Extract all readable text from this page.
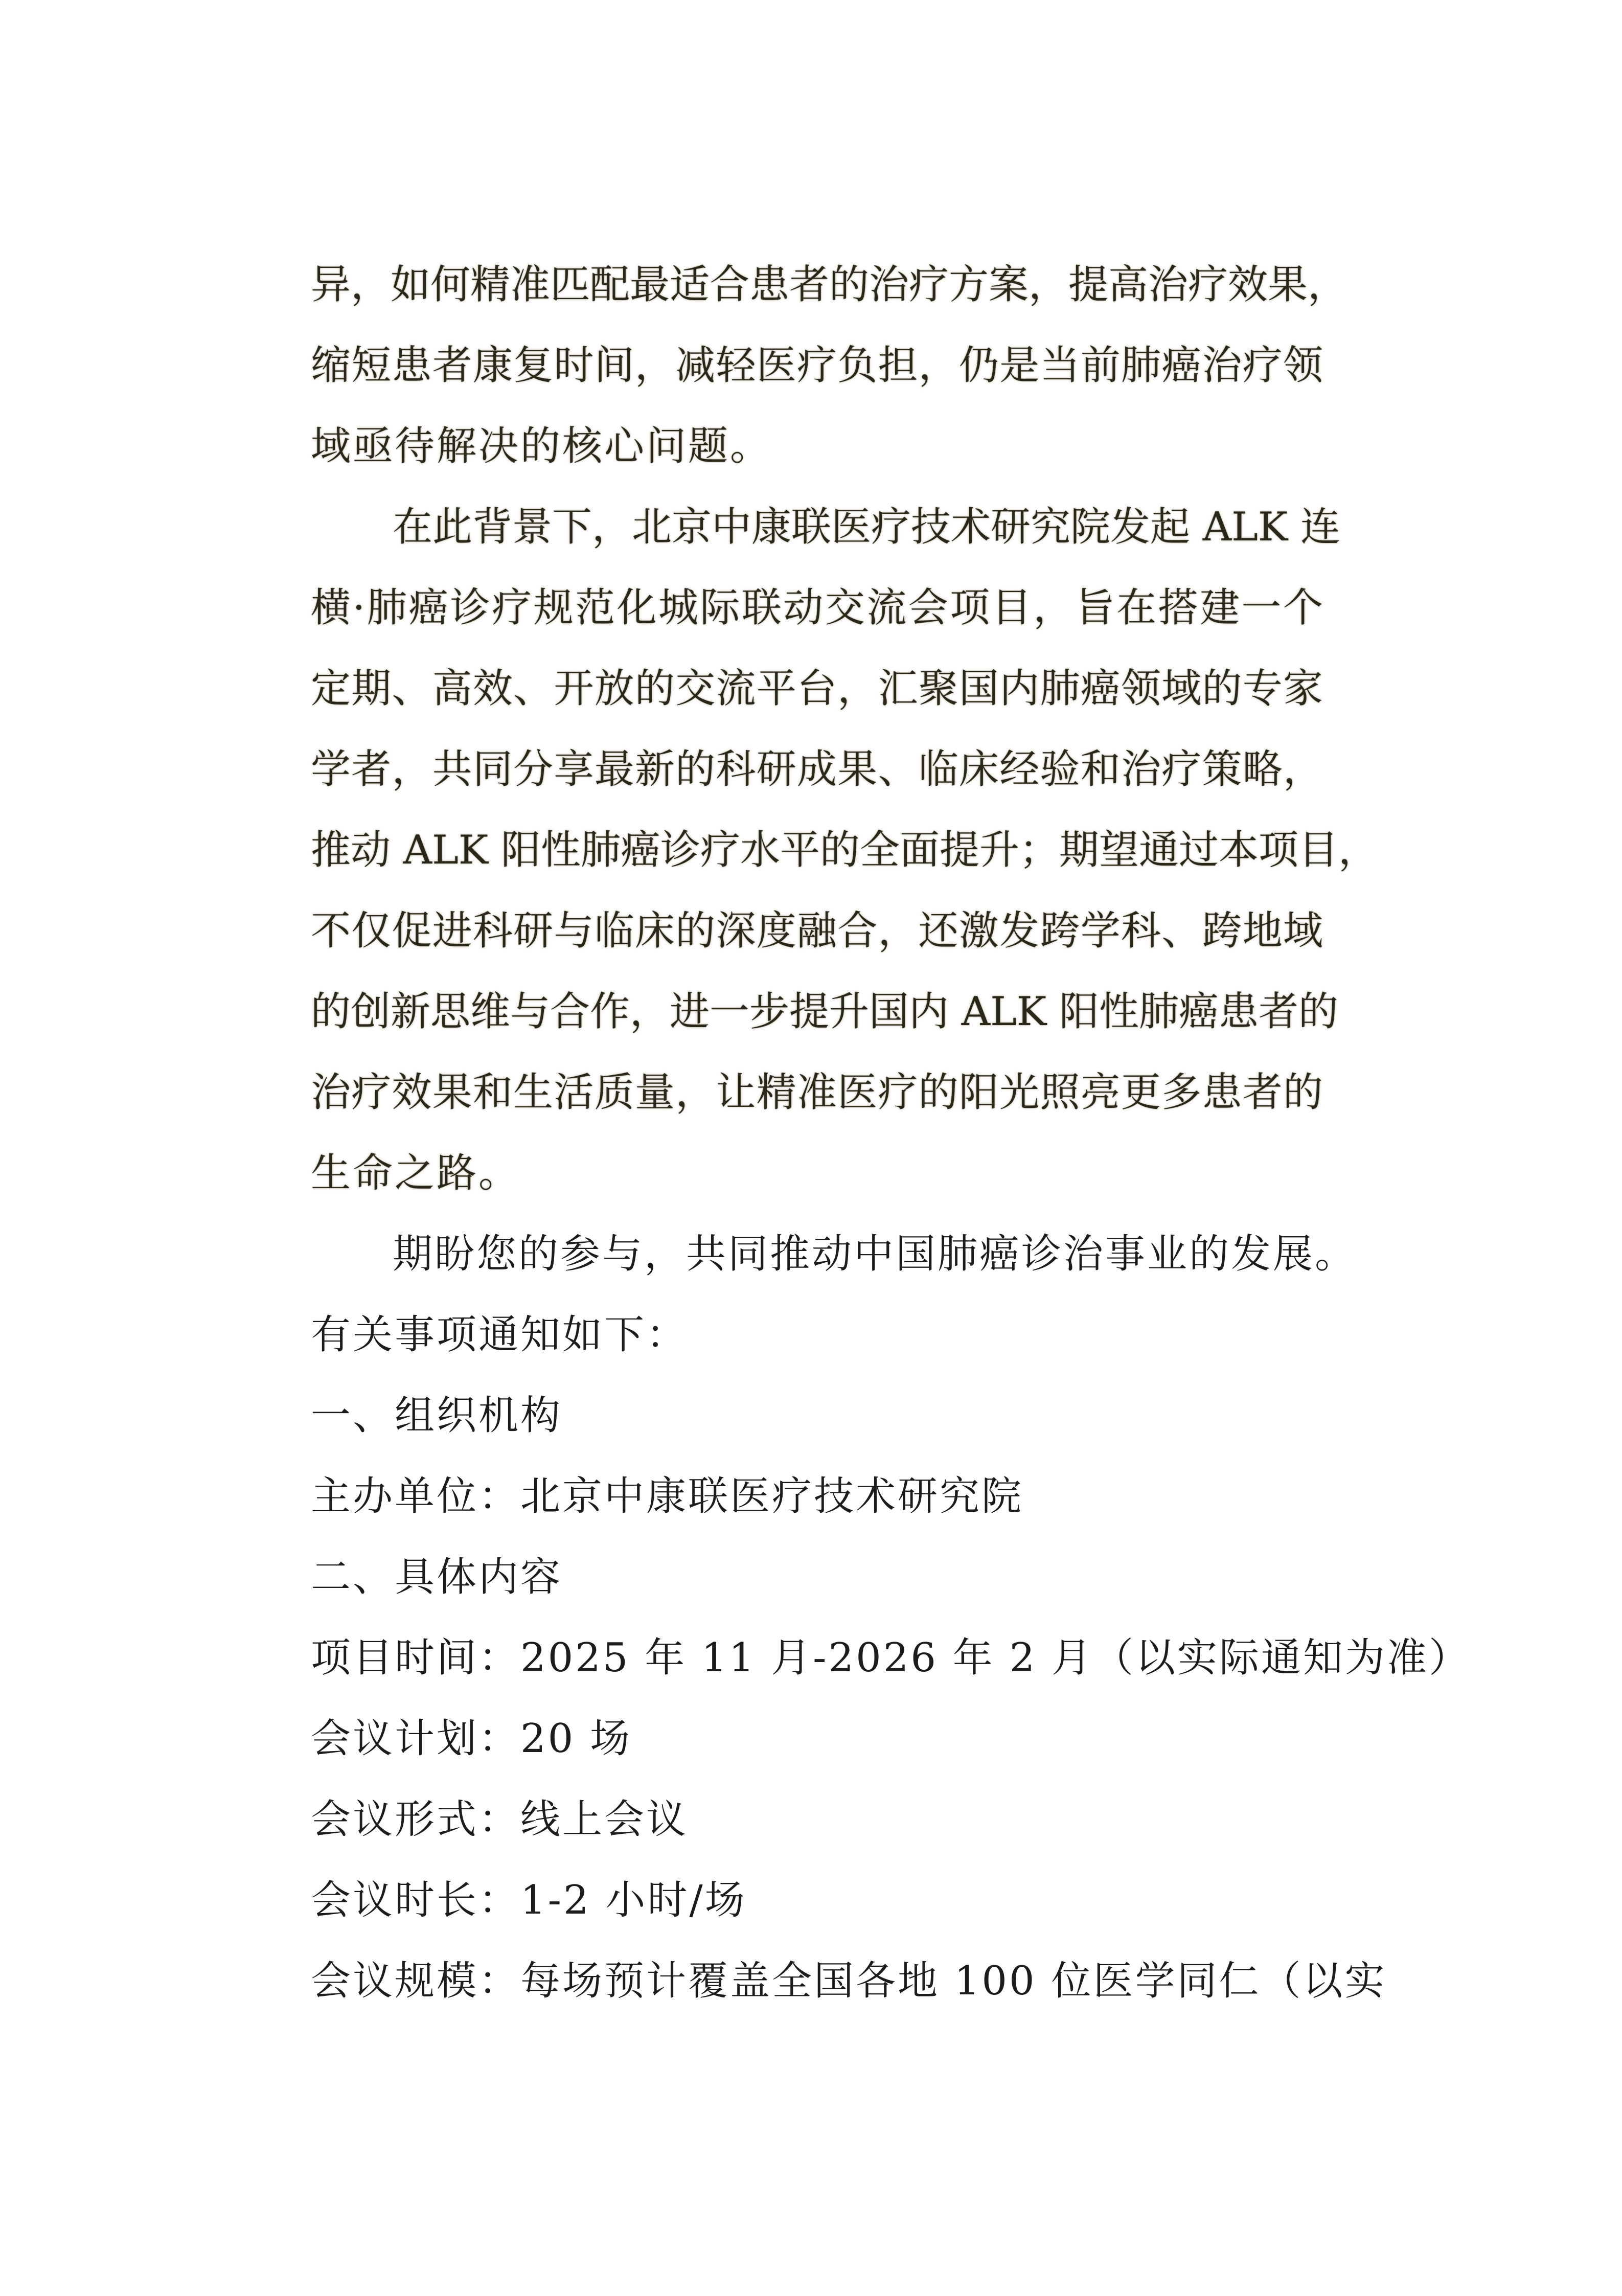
异，如何精准匹配最适合患者的治疗方案，提高治疗效果，
缩短患者康复时间，减轻医疗负担，仍是当前肺癌治疗领
域亟待解决的核心问题。
在此背景下，北京中康联医疗技术研究院发起 ALK 连
横·肺癌诊疗规范化城际联动交流会项目，旨在搭建一个
定期、高效、开放的交流平台，汇聚国内肺癌领域的专家
学者，共同分享最新的科研成果、临床经验和治疗策略，
推动 ALK 阳性肺癌诊疗水平的全面提升；期望通过本项目，
不仅促进科研与临床的深度融合，还激发跨学科、跨地域
的创新思维与合作，进一步提升国内 ALK 阳性肺癌患者的
治疗效果和生活质量，让精准医疗的阳光照亮更多患者的
生命之路。
期盼您的参与，共同推动中国肺癌诊治事业的发展。
有关事项通知如下：
一、组织机构
主办单位：北京中康联医疗技术研究院
二、具体内容
项目时间：2025 年 11 月-2026 年 2 月（以实际通知为准）
会议计划：20 场
会议形式：线上会议
会议时长：1-2 小时/场
会议规模：每场预计覆盖全国各地 100 位医学同仁（以实
